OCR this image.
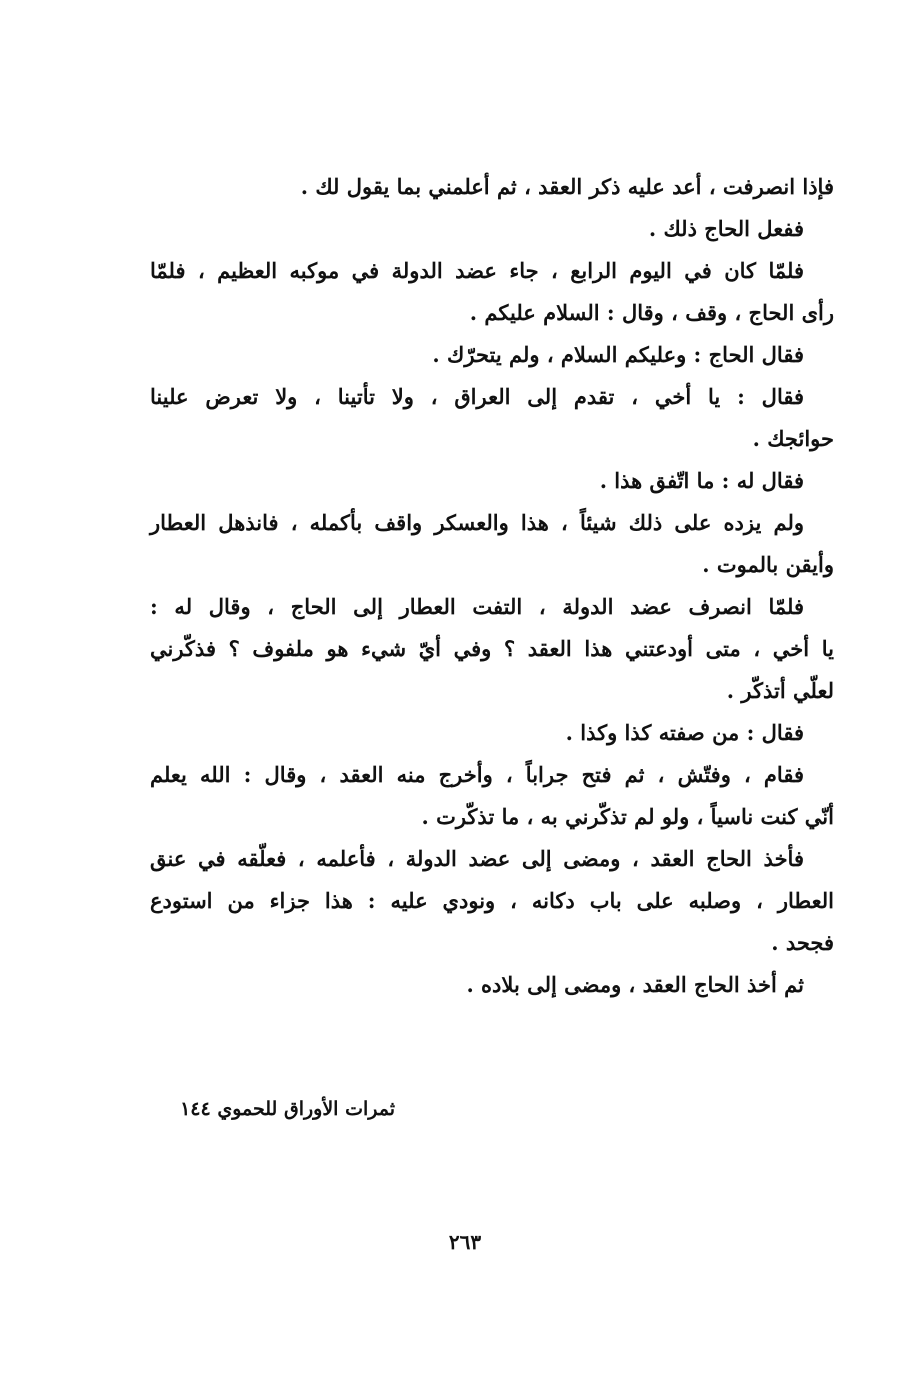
فإذا انصرفت ، أعد عليه ذكر العقد ، ثم أعلمني بما يقول لك .
ففعل الحاج ذلك .
فلمّا كان في اليوم الرابع ، جاء عضد الدولة في موكبه العظيم ، فلمّا
رأى الحاج ، وقف ، وقال : السلام عليكم .
فقال الحاج : وعليكم السلام ، ولم يتحرّك .
فقال : يا أخي ، تقدم إلى العراق ، ولا تأتينا ، ولا تعرض علينا
حوائجك .
فقال له : ما اتّفق هذا .
ولم يزده على ذلك شيئاً ، هذا والعسكر واقف بأكمله ، فانذهل العطار
وأيقن بالموت .
فلمّا انصرف عضد الدولة ، التفت العطار إلى الحاج ، وقال له :
يا أخي ، متى أودعتني هذا العقد ؟ وفي أيّ شيء هو ملفوف ؟ فذكّرني
لعلّي أتذكّر .
فقال : من صفته كذا وكذا .
فقام ، وفتّش ، ثم فتح جراباً ، وأخرج منه العقد ، وقال : الله يعلم
أنّي كنت ناسياً ، ولو لم تذكّرني به ، ما تذكّرت .
فأخذ الحاج العقد ، ومضى إلى عضد الدولة ، فأعلمه ، فعلّقه في عنق
العطار ، وصلبه على باب دكانه ، ونودي عليه : هذا جزاء من استودع
فجحد .
ثم أخذ الحاج العقد ، ومضى إلى بلاده .
ثمرات الأوراق للحموي ١٤٤
٢٦٣
